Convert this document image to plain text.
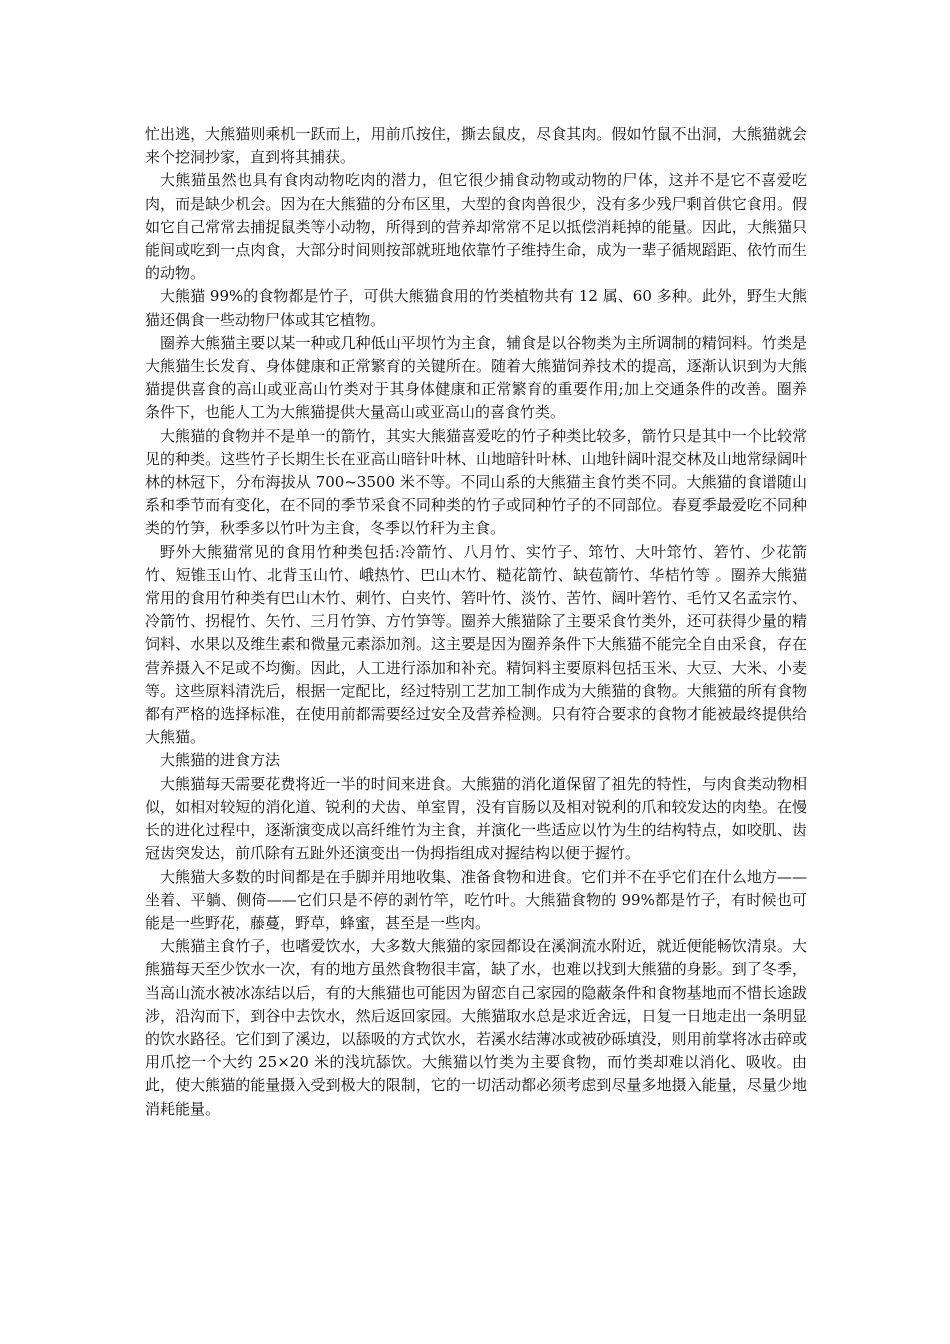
忙出逃，大熊猫则乘机一跃而上，用前爪按住，撕去鼠皮，尽食其肉。假如竹鼠不出洞，大熊猫就会来个挖洞抄家，直到将其捕获。

大熊猫虽然也具有食肉动物吃肉的潜力，但它很少捕食动物或动物的尸体，这并不是它不喜爱吃肉，而是缺少机会。因为在大熊猫的分布区里，大型的食肉兽很少，没有多少残尸剩首供它食用。假如它自己常常去捕捉鼠类等小动物，所得到的营养却常常不足以抵偿消耗掉的能量。因此，大熊猫只能间或吃到一点肉食，大部分时间则按部就班地依靠竹子维持生命，成为一辈子循规蹈距、依竹而生的动物。

大熊猫 99%的食物都是竹子，可供大熊猫食用的竹类植物共有 12 属、60 多种。此外，野生大熊猫还偶食一些动物尸体或其它植物。

圈养大熊猫主要以某一种或几种低山平坝竹为主食，辅食是以谷物类为主所调制的精饲料。竹类是大熊猫生长发育、身体健康和正常繁育的关键所在。随着大熊猫饲养技术的提高，逐渐认识到为大熊猫提供喜食的高山或亚高山竹类对于其身体健康和正常繁育的重要作用;加上交通条件的改善。圈养条件下，也能人工为大熊猫提供大量高山或亚高山的喜食竹类。

大熊猫的食物并不是单一的箭竹，其实大熊猫喜爱吃的竹子种类比较多，箭竹只是其中一个比较常见的种类。这些竹子长期生长在亚高山暗针叶林、山地暗针叶林、山地针阔叶混交林及山地常绿阔叶林的林冠下，分布海拔从 700~3500 米不等。不同山系的大熊猫主食竹类不同。大熊猫的食谱随山系和季节而有变化，在不同的季节采食不同种类的竹子或同种竹子的不同部位。春夏季最爱吃不同种类的竹笋，秋季多以竹叶为主食，冬季以竹秆为主食。

野外大熊猫常见的食用竹种类包括:冷箭竹、八月竹、实竹子、筇竹、大叶筇竹、箬竹、少花箭竹、短锥玉山竹、北背玉山竹、峨热竹、巴山木竹、糙花箭竹、缺苞箭竹、华桔竹等 。圈养大熊猫常用的食用竹种类有巴山木竹、刺竹、白夹竹、箬叶竹、淡竹、苦竹、阔叶箬竹、毛竹又名孟宗竹、冷箭竹、拐棍竹、矢竹、三月竹笋、方竹笋等。圈养大熊猫除了主要采食竹类外，还可获得少量的精饲料、水果以及维生素和微量元素添加剂。这主要是因为圈养条件下大熊猫不能完全自由采食，存在营养摄入不足或不均衡。因此，人工进行添加和补充。精饲料主要原料包括玉米、大豆、大米、小麦等。这些原料清洗后，根据一定配比，经过特别工艺加工制作成为大熊猫的食物。大熊猫的所有食物都有严格的选择标准，在使用前都需要经过安全及营养检测。只有符合要求的食物才能被最终提供给大熊猫。

大熊猫的进食方法

大熊猫每天需要花费将近一半的时间来进食。大熊猫的消化道保留了祖先的特性，与肉食类动物相似，如相对较短的消化道、锐利的犬齿、单室胃，没有盲肠以及相对锐利的爪和较发达的肉垫。在慢长的进化过程中，逐渐演变成以高纤维竹为主食，并演化一些适应以竹为生的结构特点，如咬肌、齿冠齿突发达，前爪除有五趾外还演变出一伪拇指组成对握结构以便于握竹。

大熊猫大多数的时间都是在手脚并用地收集、准备食物和进食。它们并不在乎它们在什么地方——坐着、平躺、侧倚——它们只是不停的剥竹竿，吃竹叶。大熊猫食物的 99%都是竹子，有时候也可能是一些野花，藤蔓，野草，蜂蜜，甚至是一些肉。

大熊猫主食竹子，也嗜爱饮水，大多数大熊猫的家园都设在溪涧流水附近，就近便能畅饮清泉。大熊猫每天至少饮水一次，有的地方虽然食物很丰富，缺了水，也难以找到大熊猫的身影。到了冬季，当高山流水被冰冻结以后，有的大熊猫也可能因为留恋自己家园的隐蔽条件和食物基地而不惜长途跋涉，沿沟而下，到谷中去饮水，然后返回家园。大熊猫取水总是求近舍远，日复一日地走出一条明显的饮水路径。它们到了溪边，以舔吸的方式饮水，若溪水结薄冰或被砂砾填没，则用前掌将冰击碎或用爪挖一个大约 25×20 米的浅坑舔饮。大熊猫以竹类为主要食物，而竹类却难以消化、吸收。由此，使大熊猫的能量摄入受到极大的限制，它的一切活动都必须考虑到尽量多地摄入能量，尽量少地消耗能量。
